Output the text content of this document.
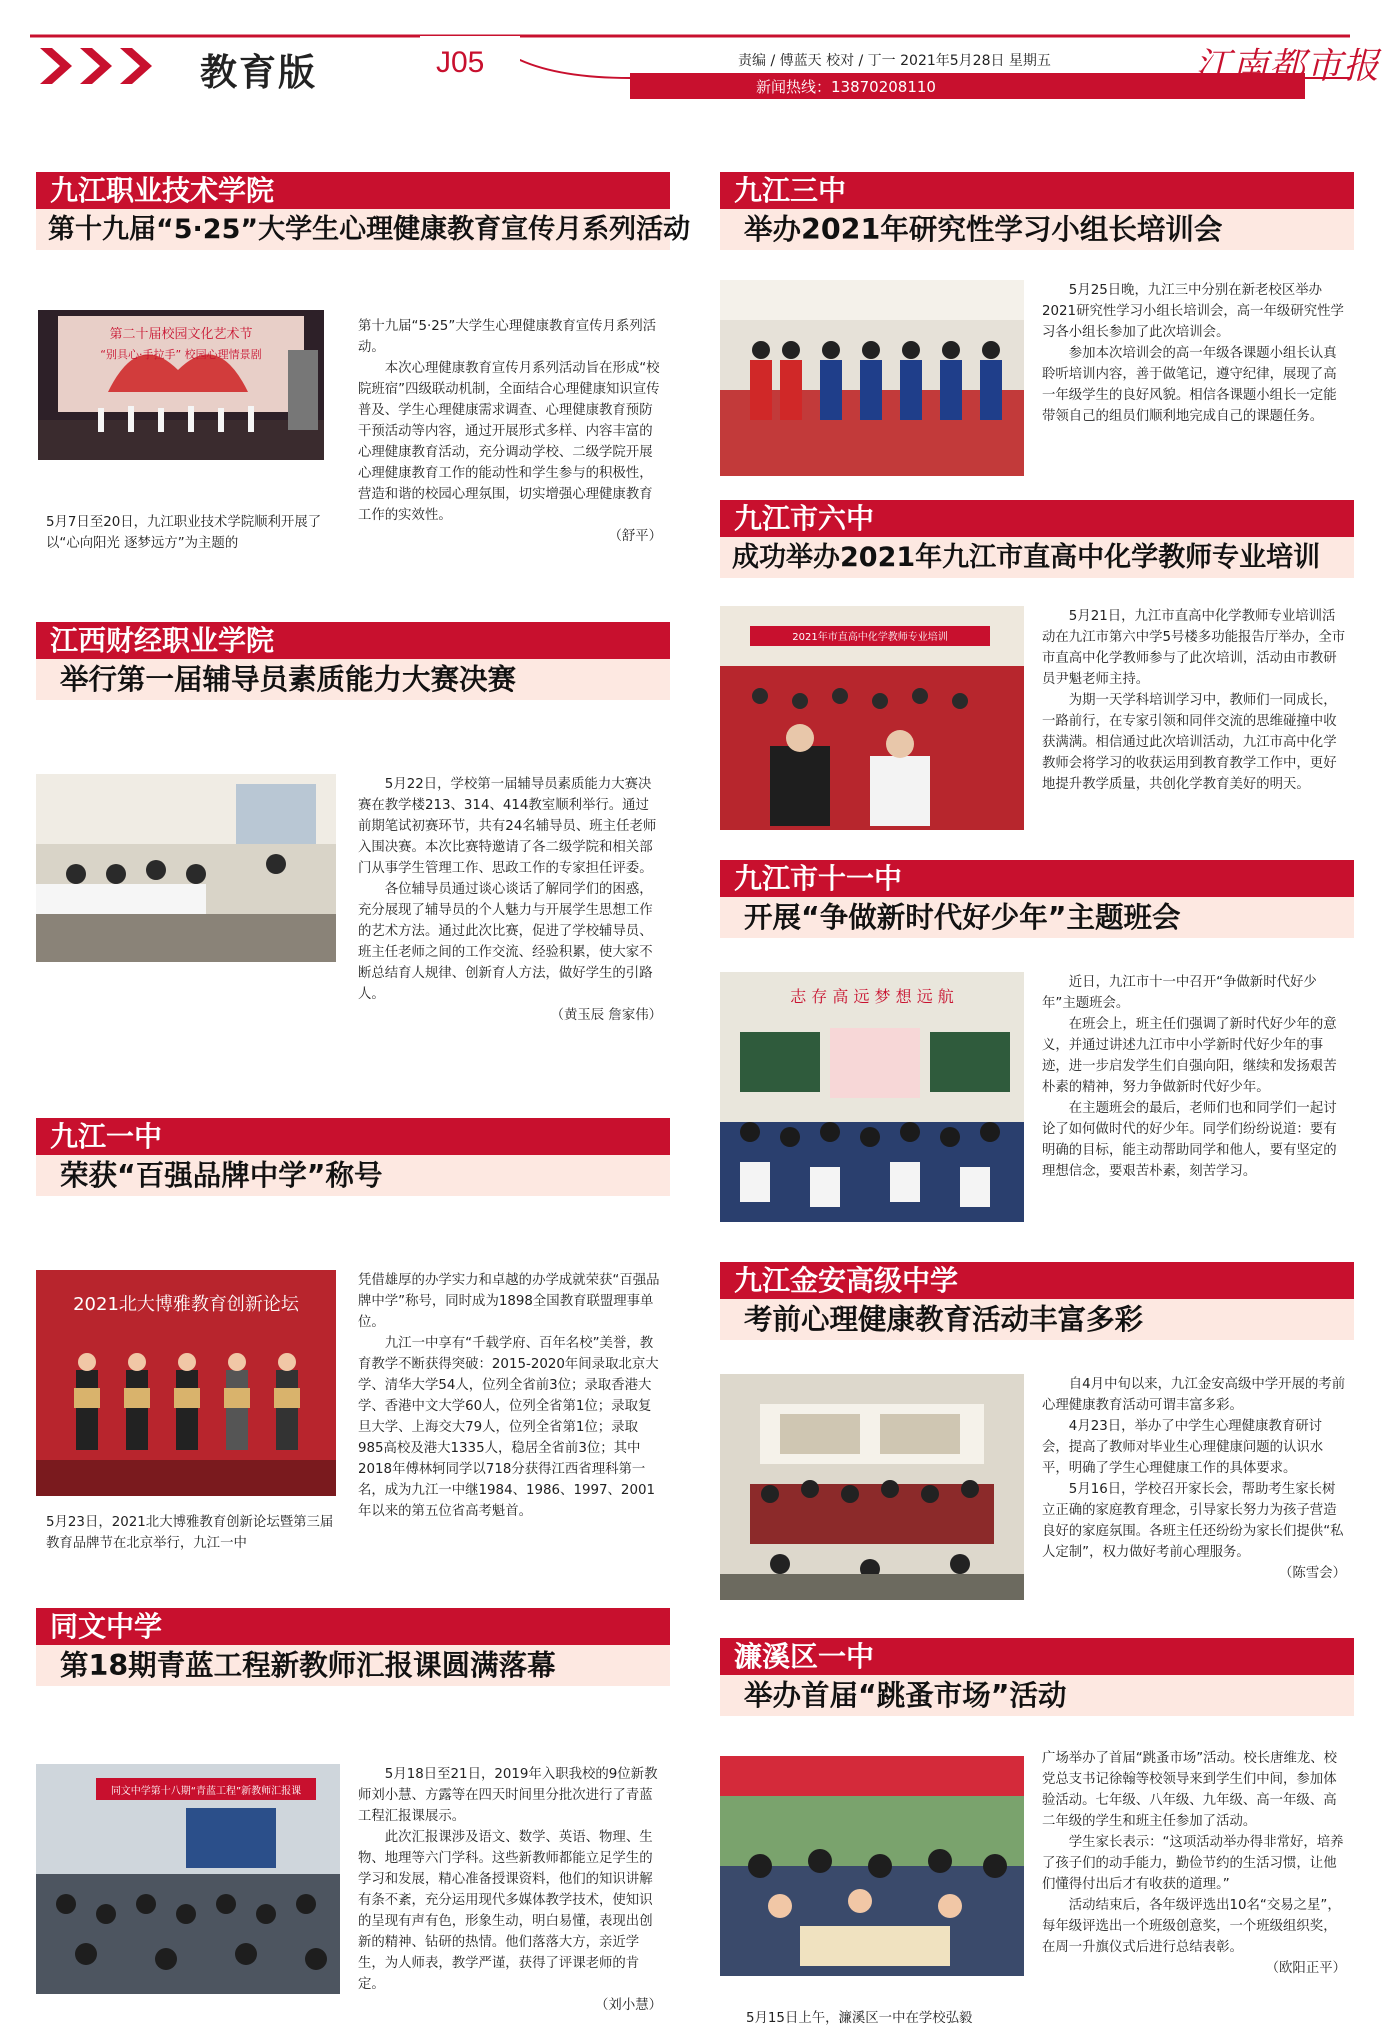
教育版	J05	责编 / 傅蓝天 校对 / 丁一 2021年5月28日 星期五
新闻热线：13870208110	江南都市报
九江职业技术学院
第十九届“5·25”大学生心理健康教育宣传月系列活动
第二十届校园文化艺术节
“别具心·手拉手” 校园心理情景剧
5月7日至20日，九江职业技术学院顺利开展了以“心向阳光 逐梦远方”为主题的

第十九届“5·25”大学生心理健康教育宣传月系列活动。

本次心理健康教育宣传月系列活动旨在形成“校院班宿”四级联动机制，全面结合心理健康知识宣传普及、学生心理健康需求调查、心理健康教育预防干预活动等内容，通过开展形式多样、内容丰富的心理健康教育活动，充分调动学校、二级学院开展心理健康教育工作的能动性和学生参与的积极性，营造和谐的校园心理氛围，切实增强心理健康教育工作的实效性。

（舒平）
江西财经职业学院
举行第一届辅导员素质能力大赛决赛

5月22日，学校第一届辅导员素质能力大赛决赛在教学楼213、314、414教室顺利举行。通过前期笔试初赛环节，共有24名辅导员、班主任老师入围决赛。本次比赛特邀请了各二级学院和相关部门从事学生管理工作、思政工作的专家担任评委。

各位辅导员通过谈心谈话了解同学们的困惑，充分展现了辅导员的个人魅力与开展学生思想工作的艺术方法。通过此次比赛，促进了学校辅导员、班主任老师之间的工作交流、经验积累，使大家不断总结育人规律、创新育人方法，做好学生的引路人。

（黄玉辰 詹家伟）
九江一中
荣获“百强品牌中学”称号
2021北大博雅教育创新论坛
5月23日，2021北大博雅教育创新论坛暨第三届教育品牌节在北京举行，九江一中

凭借雄厚的办学实力和卓越的办学成就荣获“百强品牌中学”称号，同时成为1898全国教育联盟理事单位。

九江一中享有“千载学府、百年名校”美誉，教育教学不断获得突破：2015-2020年间录取北京大学、清华大学54人，位列全省前3位；录取香港大学、香港中文大学60人，位列全省第1位；录取复旦大学、上海交大79人，位列全省第1位；录取985高校及港大1335人，稳居全省前3位；其中2018年傅林轲同学以718分获得江西省理科第一名，成为九江一中继1984、1986、1997、2001年以来的第五位省高考魁首。

同文中学
第18期青蓝工程新教师汇报课圆满落幕
同文中学第十八期“青蓝工程”新教师汇报课

5月18日至21日，2019年入职我校的9位新教师刘小慧、方露等在四天时间里分批次进行了青蓝工程汇报课展示。

此次汇报课涉及语文、数学、英语、物理、生物、地理等六门学科。这些新教师都能立足学生的学习和发展，精心准备授课资料，他们的知识讲解有条不紊，充分运用现代多媒体教学技术，使知识的呈现有声有色，形象生动，明白易懂，表现出创新的精神、钻研的热情。他们落落大方，亲近学生，为人师表，教学严谨，获得了评课老师的肯定。

（刘小慧）
九江三中
举办2021年研究性学习小组长培训会

5月25日晚，九江三中分别在新老校区举办2021研究性学习小组长培训会，高一年级研究性学习各小组长参加了此次培训会。

参加本次培训会的高一年级各课题小组长认真聆听培训内容，善于做笔记，遵守纪律，展现了高一年级学生的良好风貌。相信各课题小组长一定能带领自己的组员们顺利地完成自己的课题任务。

九江市六中
成功举办2021年九江市直高中化学教师专业培训
2021年市直高中化学教师专业培训

5月21日，九江市直高中化学教师专业培训活动在九江市第六中学5号楼多功能报告厅举办，全市市直高中化学教师参与了此次培训，活动由市教研员尹魁老师主持。

为期一天学科培训学习中，教师们一同成长，一路前行，在专家引领和同伴交流的思维碰撞中收获满满。相信通过此次培训活动，九江市高中化学教师会将学习的收获运用到教育教学工作中，更好地提升教学质量，共创化学教育美好的明天。

九江市十一中
开展“争做新时代好少年”主题班会
志 存 高 远 梦 想 远 航

近日，九江市十一中召开“争做新时代好少年”主题班会。

在班会上，班主任们强调了新时代好少年的意义，并通过讲述九江市中小学新时代好少年的事迹，进一步启发学生们自强向阳，继续和发扬艰苦朴素的精神，努力争做新时代好少年。

在主题班会的最后，老师们也和同学们一起讨论了如何做时代的好少年。同学们纷纷说道：要有明确的目标，能主动帮助同学和他人，要有坚定的理想信念，要艰苦朴素，刻苦学习。

九江金安高级中学
考前心理健康教育活动丰富多彩

自4月中旬以来，九江金安高级中学开展的考前心理健康教育活动可谓丰富多彩。

4月23日，举办了中学生心理健康教育研讨会，提高了教师对毕业生心理健康问题的认识水平，明确了学生心理健康工作的具体要求。

5月16日，学校召开家长会，帮助考生家长树立正确的家庭教育理念，引导家长努力为孩子营造良好的家庭氛围。各班主任还纷纷为家长们提供“私人定制”，权力做好考前心理服务。

（陈雪会）
濂溪区一中
举办首届“跳蚤市场”活动
5月15日上午，濂溪区一中在学校弘毅

广场举办了首届“跳蚤市场”活动。校长唐维龙、校党总支书记徐翰等校领导来到学生们中间，参加体验活动。七年级、八年级、九年级、高一年级、高二年级的学生和班主任参加了活动。

学生家长表示：“这项活动举办得非常好，培养了孩子们的动手能力，勤俭节约的生活习惯，让他们懂得付出后才有收获的道理。”

活动结束后，各年级评选出10名“交易之星”，每年级评选出一个班级创意奖，一个班级组织奖，在周一升旗仪式后进行总结表彰。

（欧阳正平）
